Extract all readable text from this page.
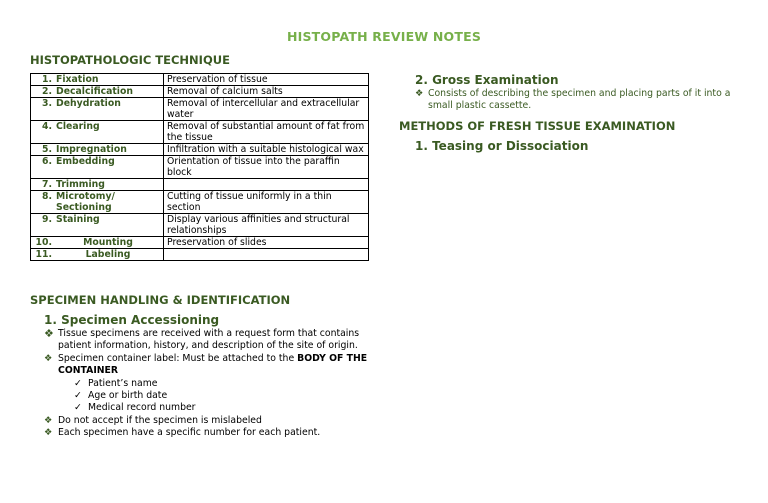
HISTOPATH REVIEW NOTES
HISTOPATHOLOGIC TECHNIQUE
1. Fixation	Preservation of tissue

2. Decalcification	Removal of calcium salts

3. Dehydration	Removal of intercellular and extracellular water

4. Clearing	Removal of substantial amount of fat from the tissue

5. Impregnation	Infiltration with a suitable histological wax

6. Embedding	Orientation of tissue into the paraffin block

7. Trimming	

8. Microtomy/ Sectioning	Cutting of tissue uniformly in a thin section

9. Staining	Display various affinities and structural relationships

10. Mounting	Preservation of slides

11. Labeling	

SPECIMEN HANDLING & IDENTIFICATION
1. Specimen Accessioning
❖ Tissue specimens are received with a request form that contains patient information, history, and description of the site of origin.
❖ Specimen container label: Must be attached to the BODY OF THE CONTAINER
✓ Patient’s name
✓ Age or birth date
✓ Medical record number
❖ Do not accept if the specimen is mislabeled
❖ Each specimen have a specific number for each patient.
2. Gross Examination
❖ Consists of describing the specimen and placing parts of it into a small plastic cassette.
METHODS OF FRESH TISSUE EXAMINATION
1. Teasing or Dissociation
